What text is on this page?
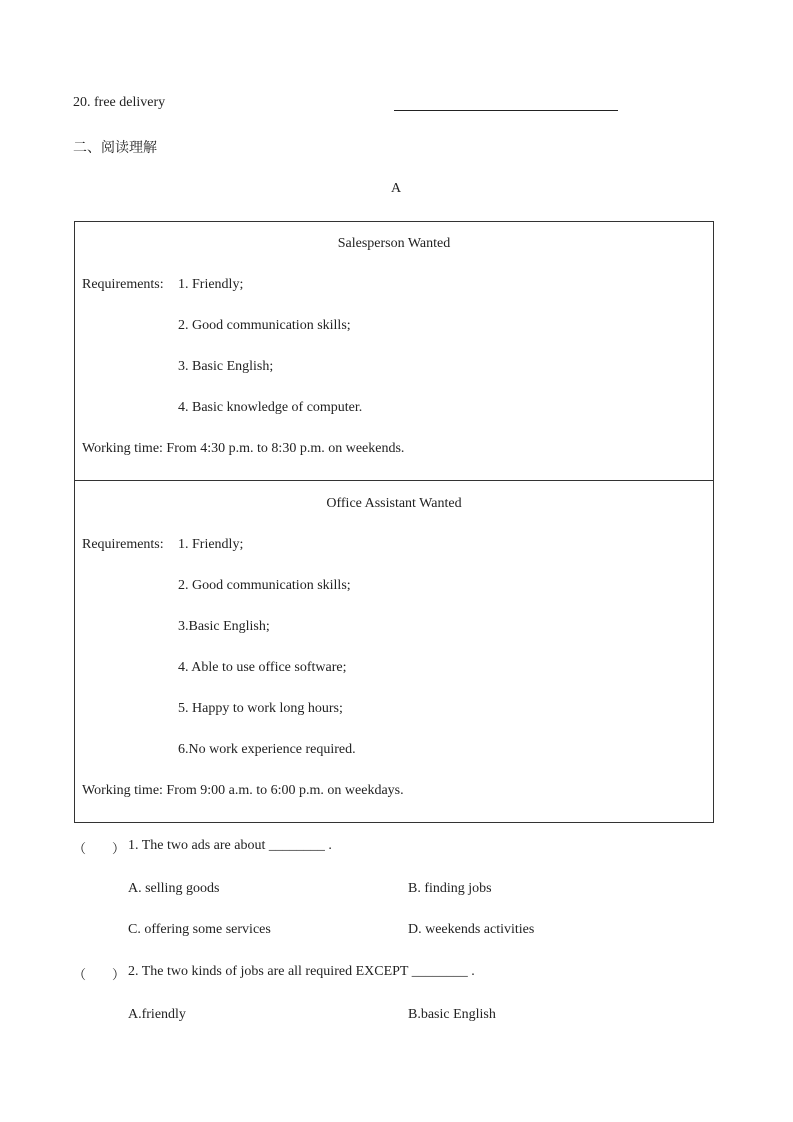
20. free delivery
二、阅读理解
A
Salesperson Wanted
Requirements: 1. Friendly;
2. Good communication skills;
3. Basic English;
4. Basic knowledge of computer.
Working time: From 4:30 p.m. to 8:30 p.m. on weekends.
Office Assistant Wanted
Requirements: 1. Friendly;
2. Good communication skills;
3.Basic English;
4. Able to use office software;
5. Happy to work long hours;
6.No work experience required.
Working time: From 9:00 a.m. to 6:00 p.m. on weekdays.
（　　） 1. The two ads are about ________ .
A. selling goods	B. finding jobs
C. offering some services	D. weekends activities
（　　） 2. The two kinds of jobs are all required EXCEPT ________ .
A.friendly	B.basic English
